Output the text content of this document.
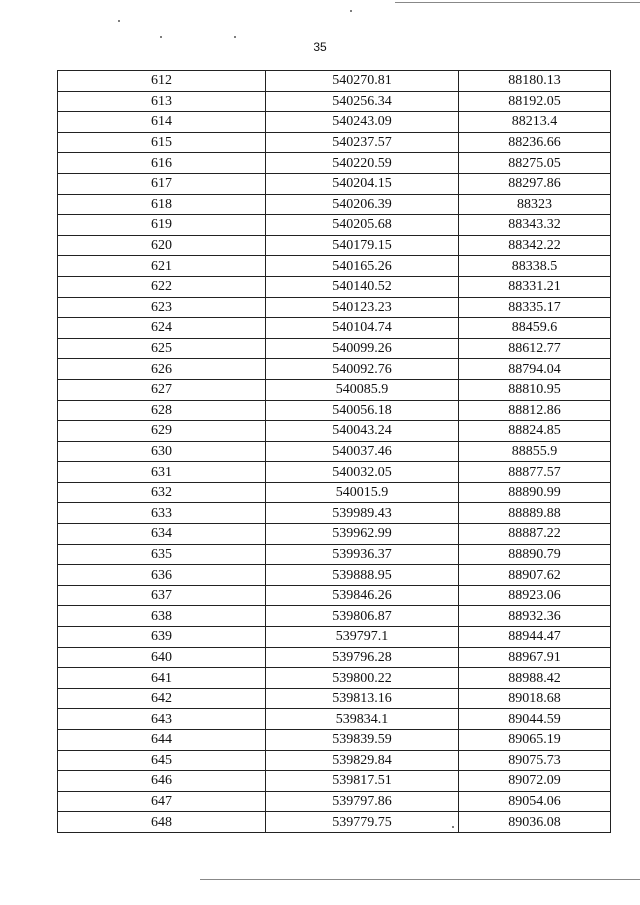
35
612	540270.81	88180.13
613	540256.34	88192.05
614	540243.09	88213.4
615	540237.57	88236.66
616	540220.59	88275.05
617	540204.15	88297.86
618	540206.39	88323
619	540205.68	88343.32
620	540179.15	88342.22
621	540165.26	88338.5
622	540140.52	88331.21
623	540123.23	88335.17
624	540104.74	88459.6
625	540099.26	88612.77
626	540092.76	88794.04
627	540085.9	88810.95
628	540056.18	88812.86
629	540043.24	88824.85
630	540037.46	88855.9
631	540032.05	88877.57
632	540015.9	88890.99
633	539989.43	88889.88
634	539962.99	88887.22
635	539936.37	88890.79
636	539888.95	88907.62
637	539846.26	88923.06
638	539806.87	88932.36
639	539797.1	88944.47
640	539796.28	88967.91
641	539800.22	88988.42
642	539813.16	89018.68
643	539834.1	89044.59
644	539839.59	89065.19
645	539829.84	89075.73
646	539817.51	89072.09
647	539797.86	89054.06
648	539779.75	89036.08
